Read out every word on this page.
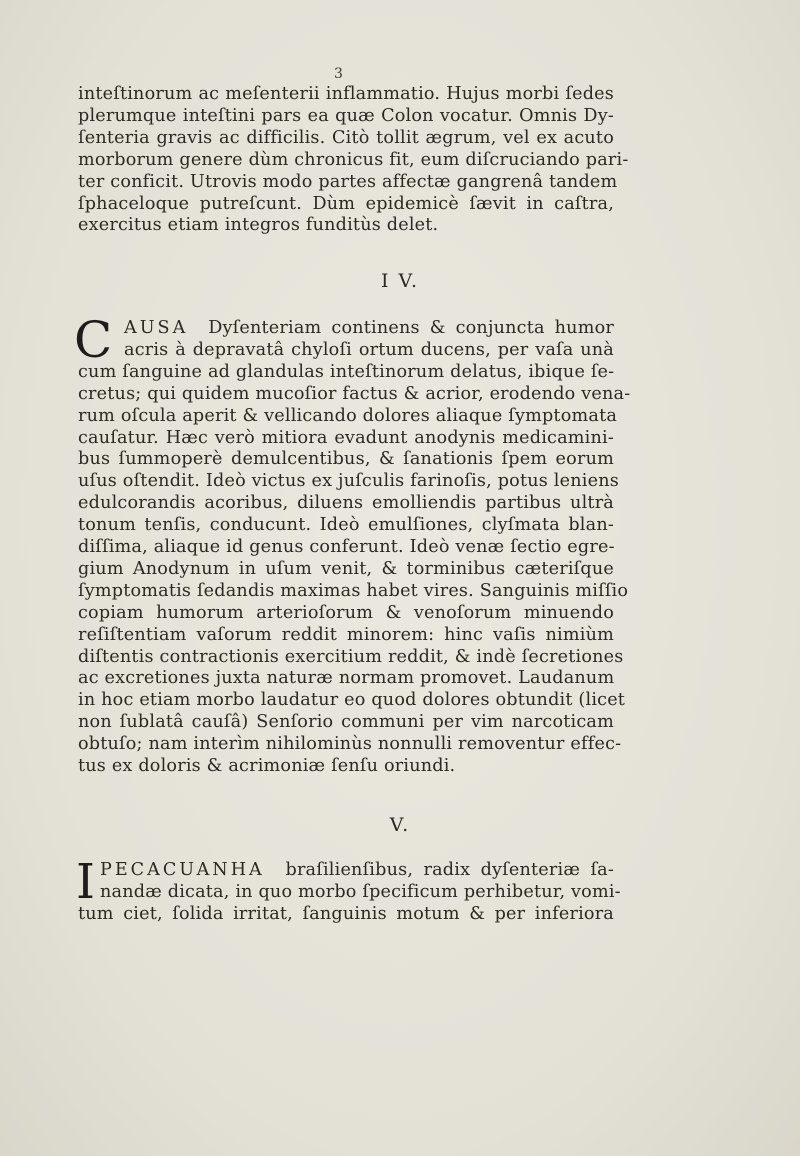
3
inteſtinorum ac meſenterii inflammatio. Hujus morbi ſedes
plerumque inteſtini pars ea quæ Colon vocatur. Omnis Dy-
ſenteria gravis ac difficilis. Citò tollit ægrum, vel ex acuto
morborum genere dùm chronicus fit, eum diſcruciando pari-
ter conficit. Utrovis modo partes affectæ gangrenâ tandem
ſphaceloque putreſcunt. Dùm epidemicè ſævit in caſtra,
exercitus etiam integros funditùs delet.
I V.
C AUSA Dyſenteriam continens & conjuncta humor
acris à depravatâ chyloſi ortum ducens, per vaſa unà
cum ſanguine ad glandulas inteſtinorum delatus, ibique ſe-
cretus; qui quidem mucoſior factus & acrior, erodendo vena-
rum oſcula aperit & vellicando dolores aliaque ſymptomata
cauſatur. Hæc verò mitiora evadunt anodynis medicamini-
bus ſummoperè demulcentibus, & ſanationis ſpem eorum
uſus oſtendit. Ideò victus ex juſculis farinoſis, potus leniens
edulcorandis acoribus, diluens emolliendis partibus ultrà
tonum tenſis, conducunt. Ideò emulſiones, clyſmata blan-
diſſima, aliaque id genus conferunt. Ideò venæ ſectio egre-
gium Anodynum in uſum venit, & torminibus cæteriſque
ſymptomatis ſedandis maximas habet vires. Sanguinis miſſio
copiam humorum arterioſorum & venoſorum minuendo
reſiſtentiam vaſorum reddit minorem: hinc vaſis nimiùm
diſtentis contractionis exercitium reddit, & indè ſecretiones
ac excretiones juxta naturæ normam promovet. Laudanum
in hoc etiam morbo laudatur eo quod dolores obtundit (licet
non ſublatâ cauſâ) Senſorio communi per vim narcoticam
obtuſo; nam interìm nihilominùs nonnulli removentur effec-
tus ex doloris & acrimoniæ ſenſu oriundi.
V.
I PECACUANHA braſilienſibus, radix dyſenteriæ ſa-
nandæ dicata, in quo morbo ſpecificum perhibetur, vomi-
tum ciet, ſolida irritat, ſanguinis motum & per inferiora
